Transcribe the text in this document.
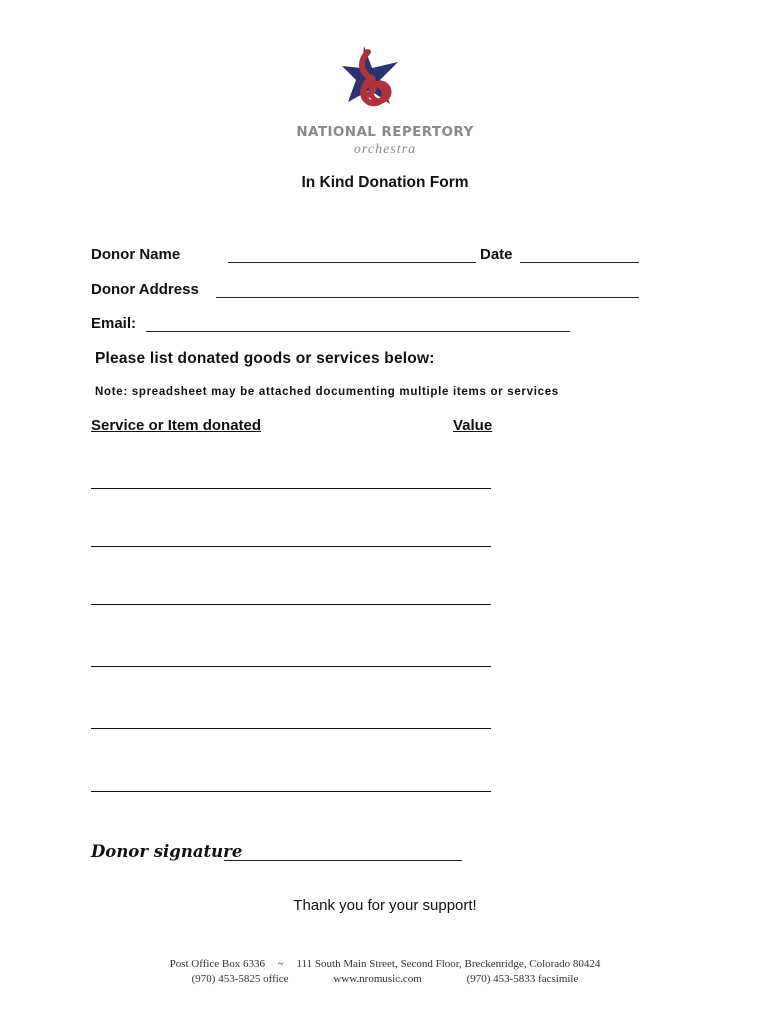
NATIONAL REPERTORY
orchestra
In Kind Donation Form
Donor Name	Date
Donor Address
Email:
Please list donated goods or services below:
Note: spreadsheet may be attached documenting multiple items or services
Service or Item donated	Value
Donor signature
Thank you for your support!
Post Office Box 6336 ~ 111 South Main Street, Second Floor, Breckenridge, Colorado 80424
(970) 453-5825 office	www.nromusic.com	(970) 453-5833 facsimile
